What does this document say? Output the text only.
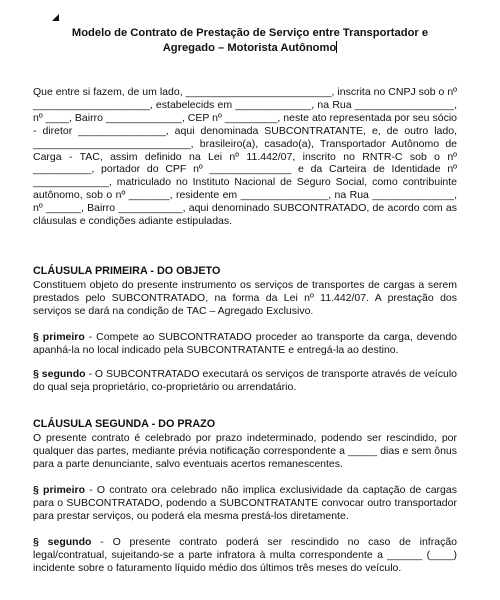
Modelo de Contrato de Prestação de Serviço entre Transportador e
Agregado – Motorista Autônomo

Que entre si fazem, de um lado, _________________________, inscrita no CNPJ sob o nº ____________________, estabelecids em _____________, na Rua _________________, nº ____, Bairro _____________, CEP nº _________, neste ato representada por seu sócio - diretor _______________, aqui denominada SUBCONTRATANTE, e, de outro lado, ___________________________, brasileiro(a), casado(a), Transportador Autônomo de Carga - TAC, assim definido na Lei nº 11.442/07, inscrito no RNTR-C sob o nº __________, portador do CPF nº ______________ e da Carteira de Identidade nº _____________, matriculado no Instituto Nacional de Seguro Social, como contribuinte autônomo, sob o nº _______, residente em _______________, na Rua ______________, nº ______, Bairro ___________, aqui denominado SUBCONTRATADO, de acordo com as cláusulas e condições adiante estipuladas.

CLÁUSULA PRIMEIRA - DO OBJETO

Constituem objeto do presente instrumento os serviços de transportes de cargas a serem prestados pelo SUBCONTRATADO, na forma da Lei nº 11.442/07. A prestação dos serviços se dará na condição de TAC – Agregado Exclusivo.

§ primeiro - Compete ao SUBCONTRATADO proceder ao transporte da carga, devendo apanhá-la no local indicado pela SUBCONTRATANTE e entregá-la ao destino.

§ segundo - O SUBCONTRATADO executará os serviços de transporte através de veículo do qual seja proprietário, co-proprietário ou arrendatário.

CLÁUSULA SEGUNDA - DO PRAZO

O presente contrato é celebrado por prazo indeterminado, podendo ser rescindido, por qualquer das partes, mediante prévia notificação correspondente a _____ dias e sem ônus para a parte denunciante, salvo eventuais acertos remanescentes.

§ primeiro - O contrato ora celebrado não implica exclusividade da captação de cargas para o SUBCONTRATADO, podendo a SUBCONTRATANTE convocar outro transportador para prestar serviços, ou poderá ela mesma prestá-los diretamente.

§ segundo - O presente contrato poderá ser rescindido no caso de infração legal/contratual, sujeitando-se a parte infratora à multa correspondente a ______ (____) incidente sobre o faturamento líquido médio dos últimos três meses do veículo.
